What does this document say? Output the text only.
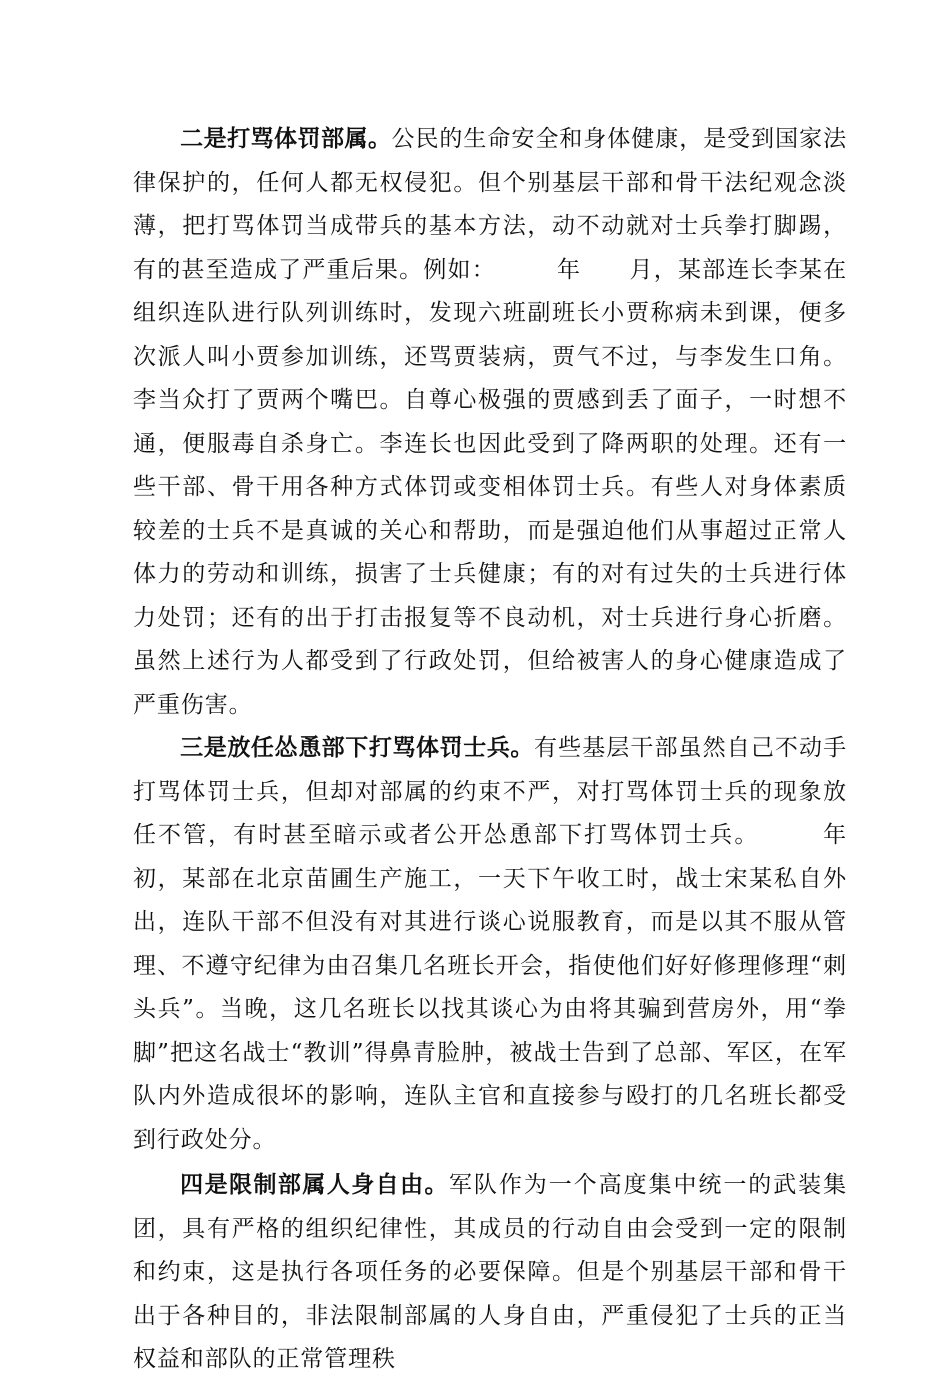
二是打骂体罚部属。公民的生命安全和身体健康，是受到国家法律保护的，任何人都无权侵犯。但个别基层干部和骨干法纪观念淡薄，把打骂体罚当成带兵的基本方法，动不动就对士兵拳打脚踢，有的甚至造成了严重后果。例如：　　　年　　月，某部连长李某在组织连队进行队列训练时，发现六班副班长小贾称病未到课，便多次派人叫小贾参加训练，还骂贾装病，贾气不过，与李发生口角。李当众打了贾两个嘴巴。自尊心极强的贾感到丢了面子，一时想不通，便服毒自杀身亡。李连长也因此受到了降两职的处理。还有一些干部、骨干用各种方式体罚或变相体罚士兵。有些人对身体素质较差的士兵不是真诚的关心和帮助，而是强迫他们从事超过正常人体力的劳动和训练，损害了士兵健康；有的对有过失的士兵进行体力处罚；还有的出于打击报复等不良动机，对士兵进行身心折磨。虽然上述行为人都受到了行政处罚，但给被害人的身心健康造成了严重伤害。

三是放任怂恿部下打骂体罚士兵。有些基层干部虽然自己不动手打骂体罚士兵，但却对部属的约束不严，对打骂体罚士兵的现象放任不管，有时甚至暗示或者公开怂恿部下打骂体罚士兵。　　　年初，某部在北京苗圃生产施工，一天下午收工时，战士宋某私自外出，连队干部不但没有对其进行谈心说服教育，而是以其不服从管理、不遵守纪律为由召集几名班长开会，指使他们好好修理修理“刺头兵”。当晚，这几名班长以找其谈心为由将其骗到营房外，用“拳脚”把这名战士“教训”得鼻青脸肿，被战士告到了总部、军区，在军队内外造成很坏的影响，连队主官和直接参与殴打的几名班长都受到行政处分。

四是限制部属人身自由。军队作为一个高度集中统一的武装集团，具有严格的组织纪律性，其成员的行动自由会受到一定的限制和约束，这是执行各项任务的必要保障。但是个别基层干部和骨干出于各种目的，非法限制部属的人身自由，严重侵犯了士兵的正当权益和部队的正常管理秩
